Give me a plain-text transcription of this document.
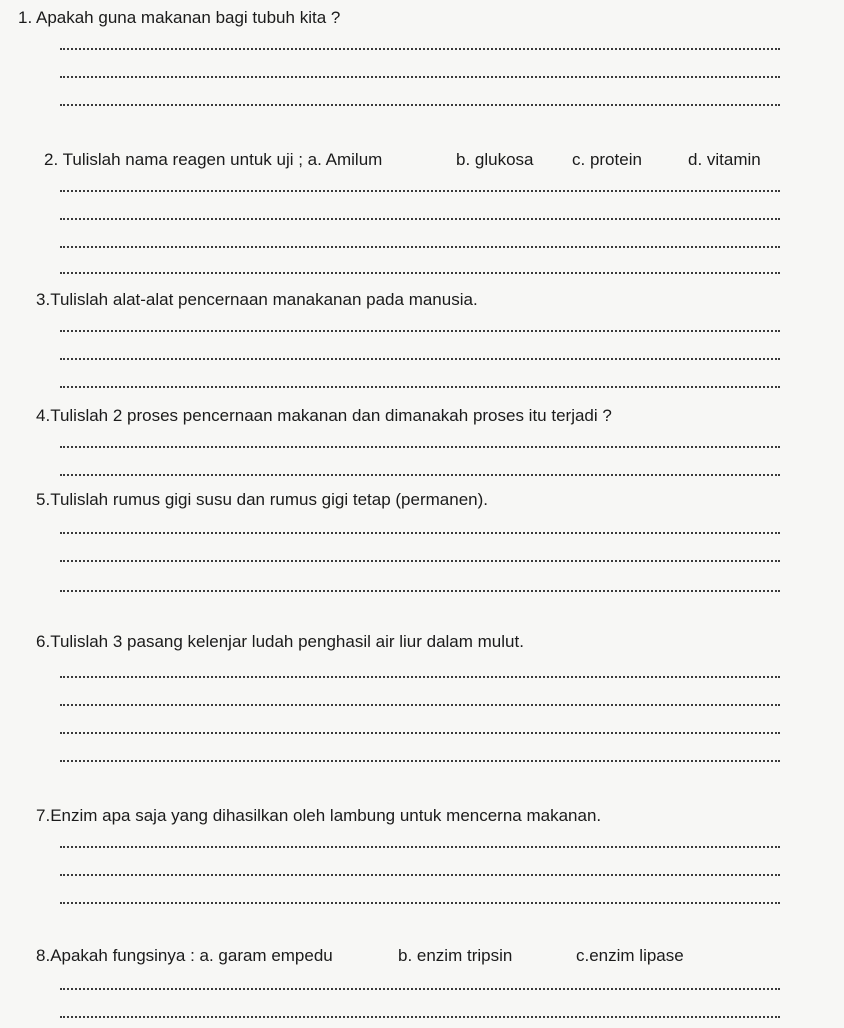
1. Apakah guna makanan bagi tubuh kita ?
2. Tulislah nama reagen untuk uji ; a. Amilum	b. glukosa c. protein	d. vitamin
3.Tulislah alat-alat pencernaan manakanan pada manusia.
4.Tulislah 2 proses pencernaan makanan dan dimanakah proses itu terjadi ?
5.Tulislah rumus gigi susu dan rumus gigi tetap (permanen).
6.Tulislah 3 pasang kelenjar ludah penghasil air liur dalam mulut.
7.Enzim apa saja yang dihasilkan oleh lambung untuk mencerna makanan.
8.Apakah fungsinya : a. garam empedu	b. enzim tripsin	c.enzim lipase
